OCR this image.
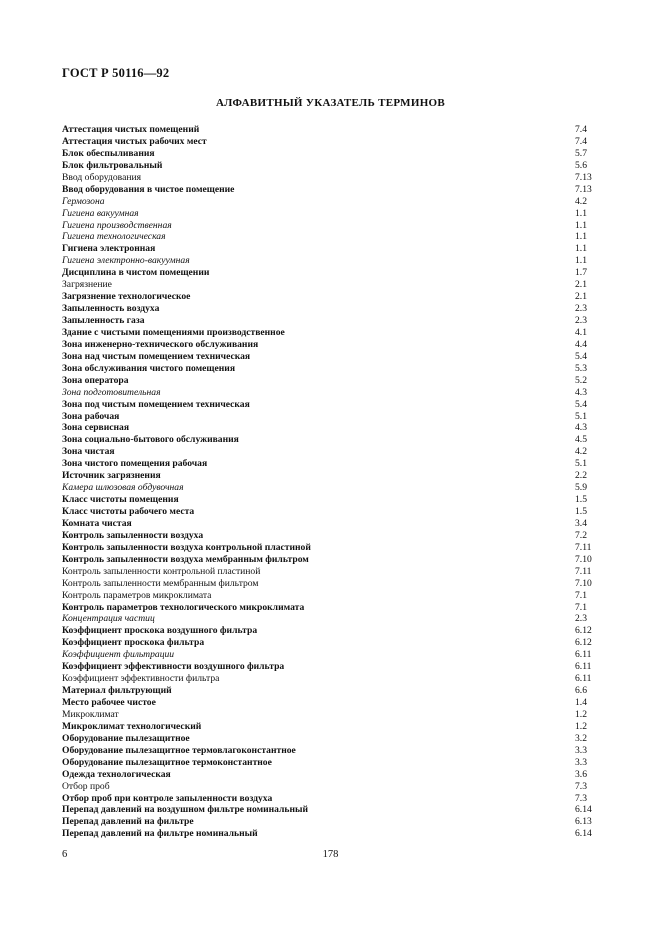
ГОСТ Р 50116—92
АЛФАВИТНЫЙ УКАЗАТЕЛЬ ТЕРМИНОВ
Аттестация чистых помещений	7.4
Аттестация чистых рабочих мест	7.4
Блок обеспыливания	5.7
Блок фильтровальный	5.6
Ввод оборудования	7.13
Ввод оборудования в чистое помещение	7.13
Гермозона	4.2
Гигиена вакуумная	1.1
Гигиена производственная	1.1
Гигиена технологическая	1.1
Гигиена электронная	1.1
Гигиена электронно-вакуумная	1.1
Дисциплина в чистом помещении	1.7
Загрязнение	2.1
Загрязнение технологическое	2.1
Запыленность воздуха	2.3
Запыленность газа	2.3
Здание с чистыми помещениями производственное	4.1
Зона инженерно-технического обслуживания	4.4
Зона над чистым помещением техническая	5.4
Зона обслуживания чистого помещения	5.3
Зона оператора	5.2
Зона подготовительная	4.3
Зона под чистым помещением техническая	5.4
Зона рабочая	5.1
Зона сервисная	4.3
Зона социально-бытового обслуживания	4.5
Зона чистая	4.2
Зона чистого помещения рабочая	5.1
Источник загрязнения	2.2
Камера шлюзовая обдувочная	5.9
Класс чистоты помещения	1.5
Класс чистоты рабочего места	1.5
Комната чистая	3.4
Контроль запыленности воздуха	7.2
Контроль запыленности воздуха контрольной пластиной	7.11
Контроль запыленности воздуха мембранным фильтром	7.10
Контроль запыленности контрольной пластиной	7.11
Контроль запыленности мембранным фильтром	7.10
Контроль параметров микроклимата	7.1
Контроль параметров технологического микроклимата	7.1
Концентрация частиц	2.3
Коэффициент проскока воздушного фильтра	6.12
Коэффициент проскока фильтра	6.12
Коэффициент фильтрации	6.11
Коэффициент эффективности воздушного фильтра	6.11
Коэффициент эффективности фильтра	6.11
Материал фильтрующий	6.6
Место рабочее чистое	1.4
Микроклимат	1.2
Микроклимат технологический	1.2
Оборудование пылезащитное	3.2
Оборудование пылезащитное термовлагоконстантное	3.3
Оборудование пылезащитное термоконстантное	3.3
Одежда технологическая	3.6
Отбор проб	7.3
Отбор проб при контроле запыленности воздуха	7.3
Перепад давлений на воздушном фильтре номинальный	6.14
Перепад давлений на фильтре	6.13
Перепад давлений на фильтре номинальный	6.14
6	178
